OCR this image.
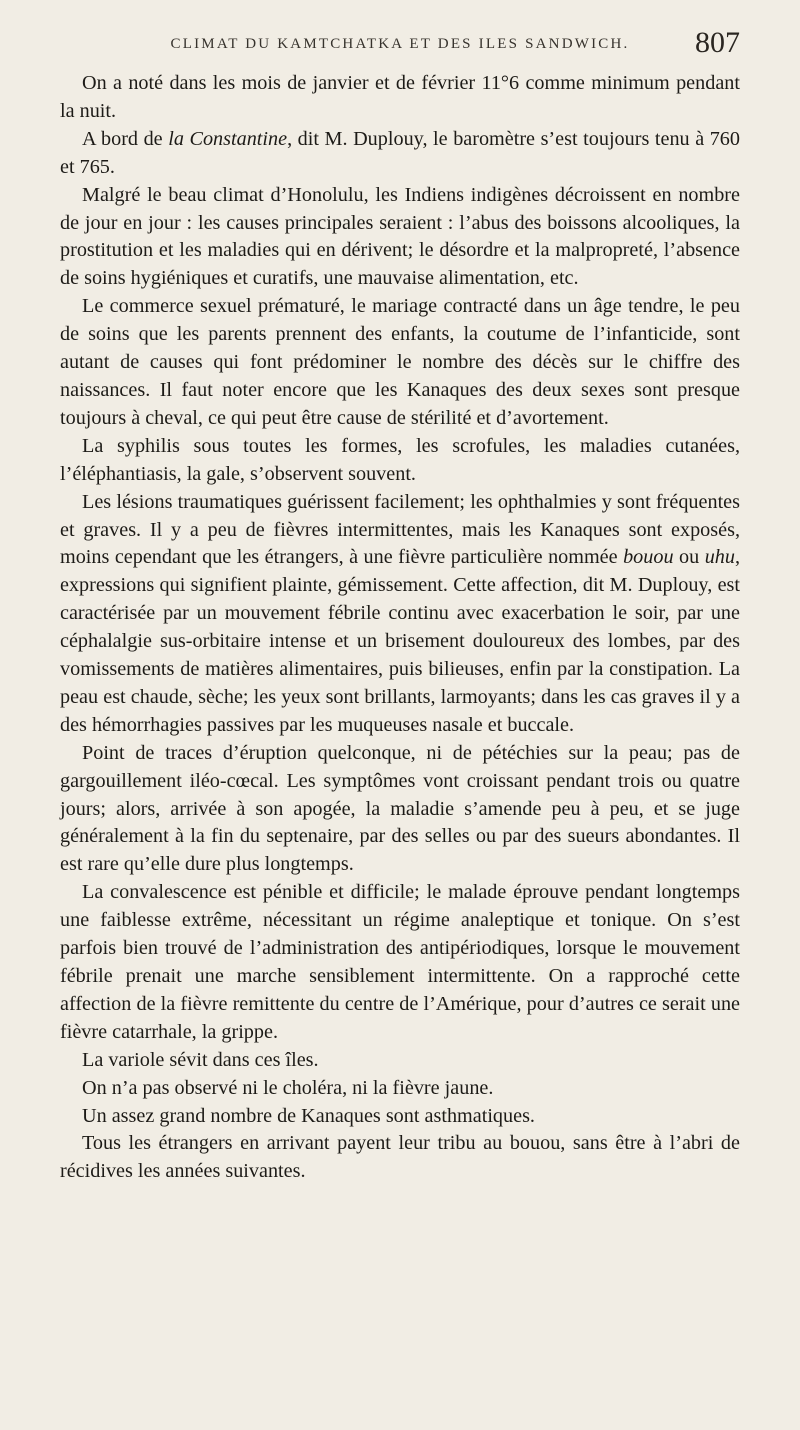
CLIMAT DU KAMTCHATKA ET DES ILES SANDWICH.	807

On a noté dans les mois de janvier et de février 11°6 comme minimum pendant la nuit.

A bord de la Constantine, dit M. Duplouy, le baromètre s’est toujours tenu à 760 et 765.

Malgré le beau climat d’Honolulu, les Indiens indigènes décroissent en nombre de jour en jour : les causes principales seraient : l’abus des boissons alcooliques, la prostitution et les maladies qui en dérivent; le désordre et la malpropreté, l’absence de soins hygiéniques et curatifs, une mauvaise alimentation, etc.

Le commerce sexuel prématuré, le mariage contracté dans un âge tendre, le peu de soins que les parents prennent des enfants, la coutume de l’infanticide, sont autant de causes qui font prédominer le nombre des décès sur le chiffre des naissances. Il faut noter encore que les Kanaques des deux sexes sont presque toujours à cheval, ce qui peut être cause de stérilité et d’avortement.

La syphilis sous toutes les formes, les scrofules, les maladies cutanées, l’éléphantiasis, la gale, s’observent souvent.

Les lésions traumatiques guérissent facilement; les ophthalmies y sont fréquentes et graves. Il y a peu de fièvres intermittentes, mais les Kanaques sont exposés, moins cependant que les étrangers, à une fièvre particulière nommée bouou ou uhu, expressions qui signifient plainte, gémissement. Cette affection, dit M. Duplouy, est caractérisée par un mouvement fébrile continu avec exacerbation le soir, par une céphalalgie sus-orbitaire intense et un brisement douloureux des lombes, par des vomissements de matières alimentaires, puis bilieuses, enfin par la constipation. La peau est chaude, sèche; les yeux sont brillants, larmoyants; dans les cas graves il y a des hémorrhagies passives par les muqueuses nasale et buccale.

Point de traces d’éruption quelconque, ni de pétéchies sur la peau; pas de gargouillement iléo-cœcal. Les symptômes vont croissant pendant trois ou quatre jours; alors, arrivée à son apogée, la maladie s’amende peu à peu, et se juge généralement à la fin du septenaire, par des selles ou par des sueurs abondantes. Il est rare qu’elle dure plus longtemps.

La convalescence est pénible et difficile; le malade éprouve pendant longtemps une faiblesse extrême, nécessitant un régime analeptique et tonique. On s’est parfois bien trouvé de l’administration des antipériodiques, lorsque le mouvement fébrile prenait une marche sensiblement intermittente. On a rapproché cette affection de la fièvre remittente du centre de l’Amérique, pour d’autres ce serait une fièvre catarrhale, la grippe.

La variole sévit dans ces îles.

On n’a pas observé ni le choléra, ni la fièvre jaune.

Un assez grand nombre de Kanaques sont asthmatiques.

Tous les étrangers en arrivant payent leur tribu au bouou, sans être à l’abri de récidives les années suivantes.
